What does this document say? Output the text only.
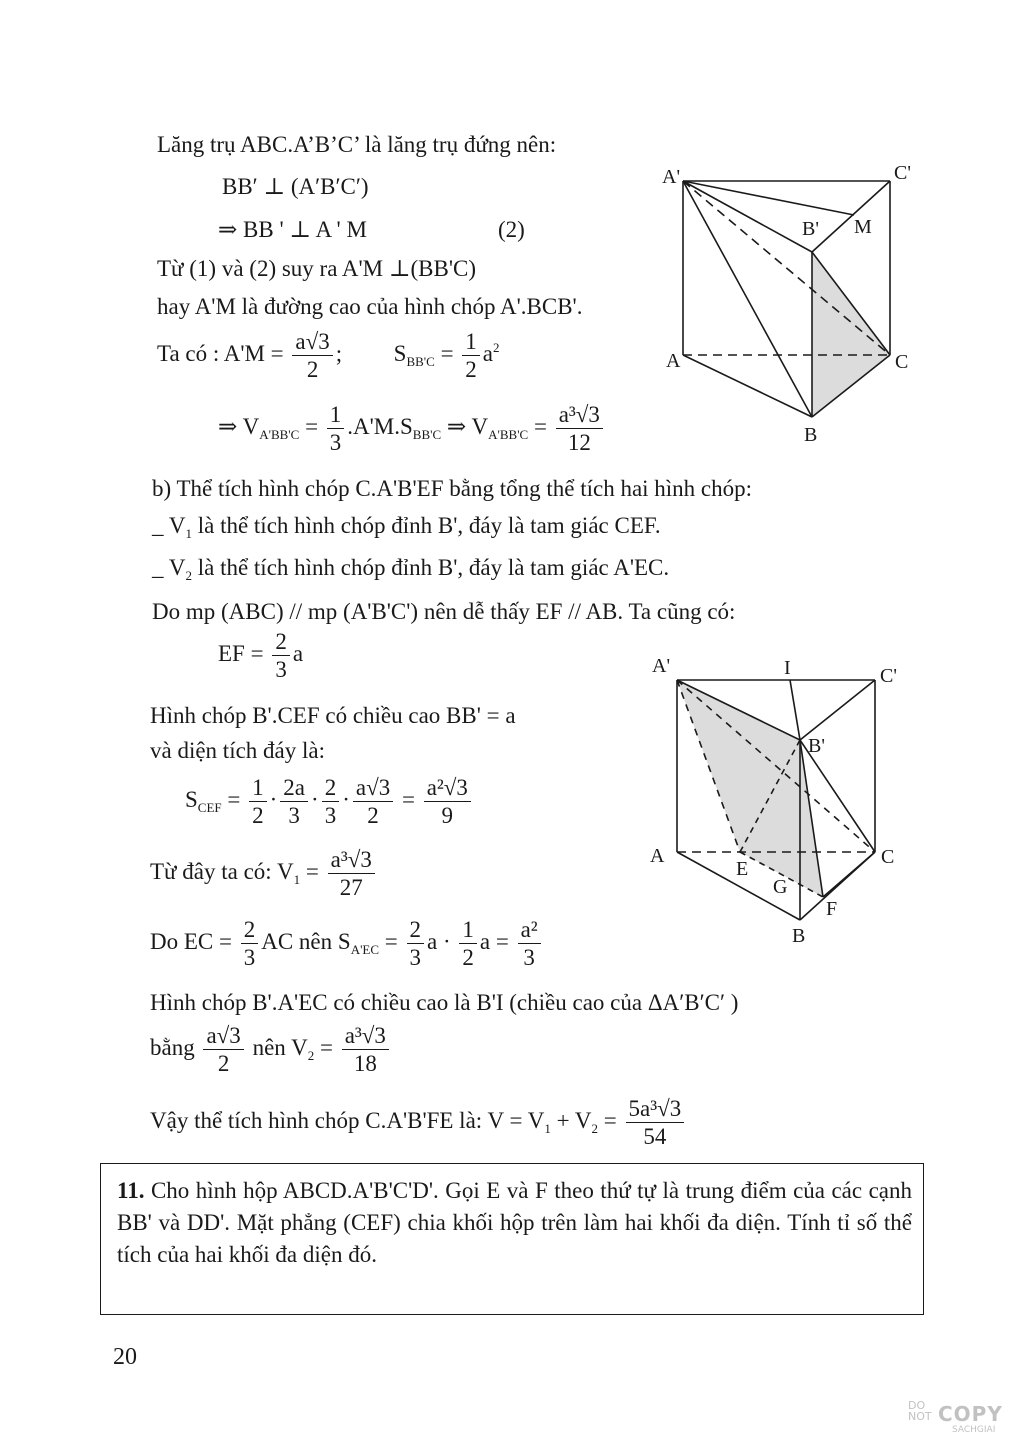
Lăng trụ ABC.A’B’C’ là lăng trụ đứng nên:
BB′ ⊥ (A′B′C′)
⇒ BB ' ⊥ A ' M	(2)
Từ (1) và (2) suy ra A'M ⊥(BB'C)
hay A'M là đường cao của hình chóp A'.BCB'.
Ta có : $A'M = \frac{a√3}{2}$ ; $S_{BB'C} = \frac{1}{2} a^2$
⇒ $V_{A'BB'C} = \frac{1}{3} .A'M.S_{BB'C}$ ⇒ $V_{A'BB'C} = \frac{\text{a³√3}}{12}$
b) Thể tích hình chóp C.A'B'EF bằng tổng thể tích hai hình chóp:
_ $V_1$ là thể tích hình chóp đỉnh B', đáy là tam giác CEF.
_ $V_2$ là thể tích hình chóp đỉnh B', đáy là tam giác A'EC.
Do mp (ABC) // mp (A'B'C') nên dễ thấy EF // AB. Ta cũng có:
EF = $\frac{2}{3}$ a
Hình chóp B'.CEF có chiều cao BB' = a
và diện tích đáy là:
$S_{CEF} = \frac{1}{2} \cdot \frac{2a}{3} \cdot \frac{2}{3} \cdot \frac{a√3}{2} = \frac{\text{a²√3}}{9}$
Từ đây ta có: $V_1 = \frac{\text{a³√3}}{27}$
Do EC = $\frac{2}{3}$ AC nên $S_{A'EC} = \frac{2}{3}$ $a \cdot \frac{1}{2}$ $a = \frac{\text{a²}}{3}$
Hình chóp B'.A'EC có chiều cao là B'I (chiều cao của ΔA′B′C′ )
bằng $\frac{a√3}{2}$ nên $V_2 = \frac{\text{a³√3}}{18}$
Vậy thể tích hình chóp C.A'B'FE là: $V = V_1 + V_2 = \frac{\text{5a³√3}}{54}$
11. Cho hình hộp ABCD.A'B'C'D'. Gọi E và F theo thứ tự là trung điểm của các cạnh BB' và DD'. Mặt phẳng (CEF) chia khối hộp trên làm hai khối đa diện. Tính tỉ số thể tích của hai khối đa diện đó.
20
A'	C'
B' M
A	C
B
A'	I	C'
B'
A	C
E
G
F
B
DO
NOT COPY
SACHGIAI
